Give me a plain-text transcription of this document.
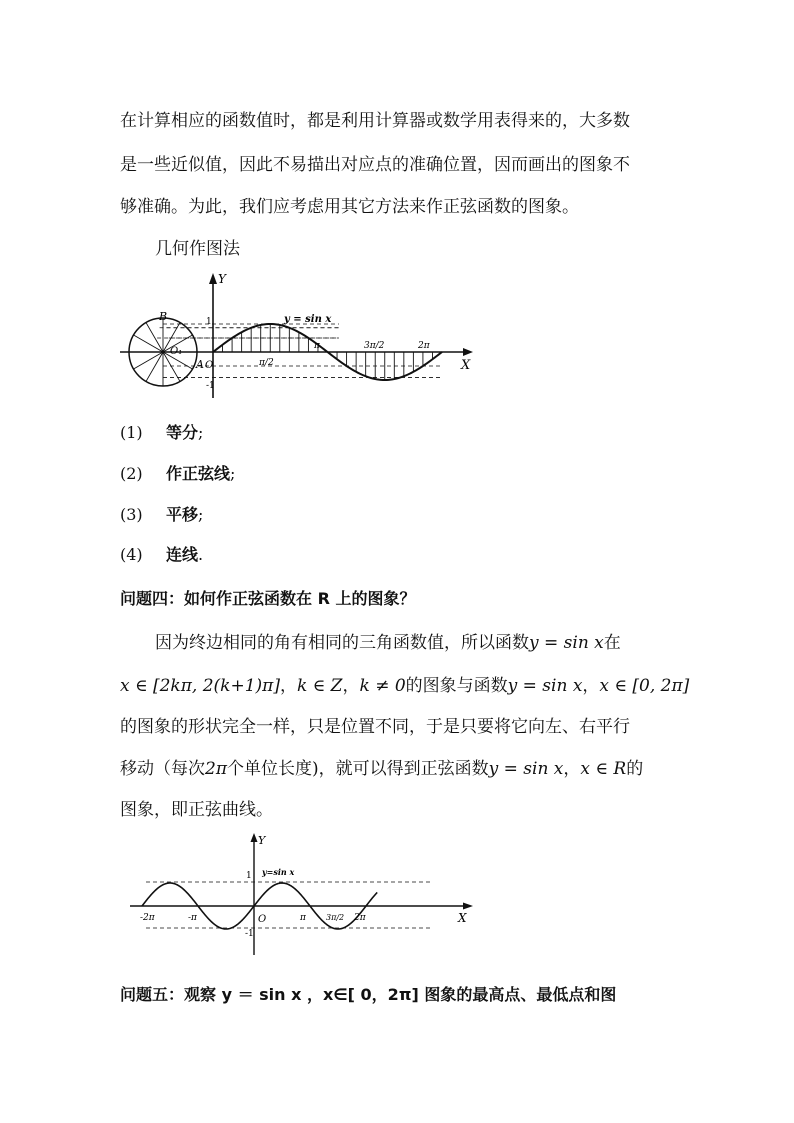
在计算相应的函数值时，都是利用计算器或数学用表得来的，大多数
是一些近似值，因此不易描出对应点的准确位置，因而画出的图象不
够准确。为此，我们应考虑用其它方法来作正弦函数的图象。
几何作图法
Y
X
y = sin x
B
O₁
A O
1
-1
π/2
π	3π/2	2π
(1) 等分;
(2) 作正弦线;
(3) 平移;
(4) 连线.
问题四：如何作正弦函数在 R 上的图象？
因为终边相同的角有相同的三角函数值，所以函数y = sin x在
x ∈ [2kπ, 2(k+1)π]，k ∈ Z，k ≠ 0的图象与函数y = sin x，x ∈ [0, 2π]
的图象的形状完全一样，只是位置不同，于是只要将它向左、右平行
移动（每次2π个单位长度)，就可以得到正弦函数y = sin x，x ∈ R的
图象，即正弦曲线。
Y
X
y=sin x
1
-1
O
-2π	-π	π	3π/2 2π
问题五：观察 y ＝ sin x ，x∈[ 0，2π] 图象的最高点、最低点和图
